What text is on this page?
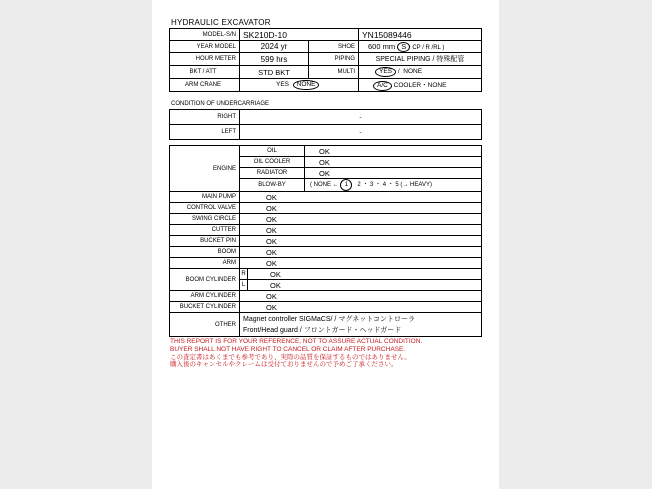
HYDRAULIC EXCAVATOR
MODEL-S/N	SK210D-10		YN15089446
YEAR MODEL	2024 yr	SHOE	600 mm S CP / R /RL )
HOUR METER	599 hrs	PIPING	SPECIAL PIPING / 特殊配管
BKT / ATT	STD BKT	MULTI	YES / NONE
ARM CRANE	YES NONE		A/C COOLER・NONE
CONDITION OF UNDERCARRIAGE
RIGHT	-
LEFT	-
ENGINE	OIL		OK
	OIL COOLER		OK
	RADIATOR		OK
	BLOW-BY		( NONE ← 1 2 ・ 3 ・ 4 ・ 5 (→ HEAVY)
MAIN PUMP	OK		
CONTROL VALVE	OK		
SWING CIRCLE	OK		
CUTTER	OK		
BUCKET PIN	OK		
BOOM	OK		
ARM	OK		
BOOM CYLINDER	R	OK	
	L	OK	
ARM CYLINDER	OK		
BUCKET CYLINDER	OK		
OTHER	Magnet controller SIGMaCS/ / マグネットコントローラ
Front/Head guard / フロントガード・ヘッドガード		
THIS REPORT IS FOR YOUR REFERENCE, NOT TO ASSURE ACTUAL CONDITION.
BUYER SHALL NOT HAVE RIGHT TO CANCEL OR CLAIM AFTER PURCHASE.
この査定書はあくまでも参考であり、実際の品質を保証するものではありません。
購入後のキャンセルやクレームは受付ておりませんので予めご了承ください。
